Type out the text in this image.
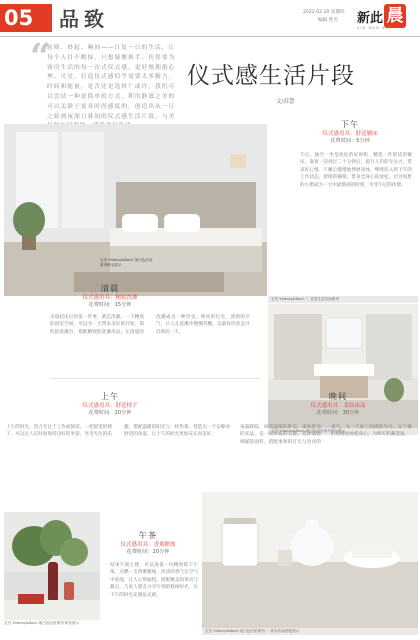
05	品致	2022 02 10 星期四
编辑 姓名 新此 晨
XIN WAN BAO
“
轮晴、晨起、晌间——日复一日的生活，让每个人目不暇接，只想疑搬换手。仿徨要为客房生活的每一次式仪式感，更好地拥抱心理。可是，打造仪式感似乎需要太多精力，时间和能量，是否还是选择？或许，我们可以尝试一种更简单的方式，利用静谧之美的可以关联于更具时尚感度的，创造出从一日之始到夜深日暮间的仪式感生活片段，与美
仪式感生活片段
文/苏慧
宝杰 Villeroy&Boch 纯白色浴室系列卧室展示
宝杰 Villeroy&Boch ｜ 宜居生活空间系列
下午
仪式感用具：舒适躺床
花费时间：5分钟
午后，抽空一坐是放松的好时机，精选一件舒适的躺床，靠着一次再过二十分钟后，提升人们的专注力，带来好心情。午睡后慢慢地伸展身体，继续投入到下午的工作状态，舒缓的躺椅，带来全身心的放松。让这短暂的小憩成为一天中最悠闲的时刻，享受午后的休憩。
清晨
仪式感用具：精致洗漱
花费时间：15分钟
早晨起床后的第一件事，就是洗漱。一个精致的浴室空间，可以为一天带来美好的开始。简约的洗漱台，搭配精致的洗漱用品，让清晨的洗漱成为一种享受。明亮的灯光、清新的空气，让人在洗漱中慢慢苏醒，以最好的状态开启新的一天。
宝杰 Villeroy&Boch 纯白色浴室系列浴室展示
上午
仪式感用具：舒适椅子
花费时间：20分钟
上午的时光，适合专注于工作或阅读。一把舒适的椅子，可以让人长时间保持良好的坐姿，享受专注的乐趣。搭配温暖的阳光与一杯热茶，营造出一个安静而舒适的角落，让上午的时光更加充实而美好。
晚间
仪式感用具：柔软床品
花费时间：30分钟
夜幕降临，回到温暖的卧室。柔软舒适的床品，是一夜好眠的关键。选择质感细腻的面料，搭配柔和的灯光与淡淡的香气，为一天画上圆满的句号。在宁静的夜晚里放松身心，为明天积蓄能量。
宝杰 Villeroy&Boch 纯白色浴室系列 卧室展示
午茶
仪式感用具：香薰蜡烛
花费时间：20分钟
结束午间小憩，可以准备一份精致的下午茶。点燃一支香薰蜡烛，淡淡的香气在空气中弥漫，让人心情愉悦。搭配精美的茶具与甜点，与家人朋友分享片刻的悠闲时光，让下午的时光充满仪式感。
宝杰 Villeroy&Boch 纯白色浴室系列 ｜ 卧室软装搭配展示
